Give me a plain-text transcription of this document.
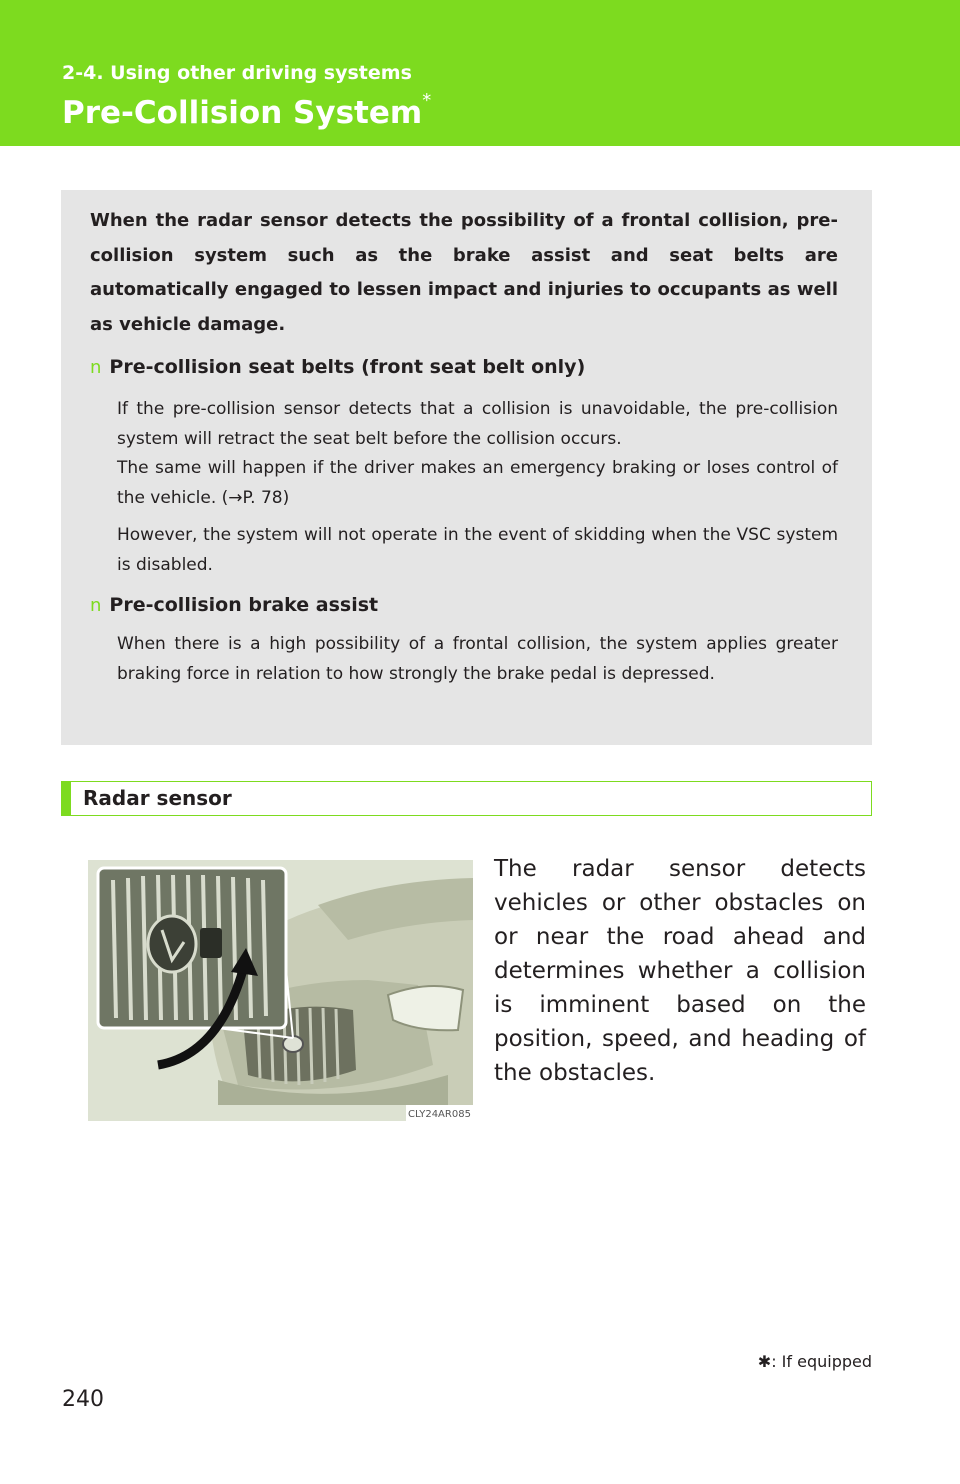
2-4. Using other driving systems
Pre-Collision System*
When the radar sensor detects the possibility of a frontal collision, pre-collision system such as the brake assist and seat belts are automatically engaged to lessen impact and injuries to occupants as well as vehicle damage.
n Pre-collision seat belts (front seat belt only)
If the pre-collision sensor detects that a collision is unavoidable, the pre-collision system will retract the seat belt before the collision occurs.
The same will happen if the driver makes an emergency braking or loses control of the vehicle. (→P. 78)
However, the system will not operate in the event of skidding when the VSC system is disabled.
n Pre-collision brake assist
When there is a high possibility of a frontal collision, the system applies greater braking force in relation to how strongly the brake pedal is depressed.
Radar sensor
CLY24AR085
The radar sensor detects vehicles or other obstacles on or near the road ahead and determines whether a collision is imminent based on the position, speed, and heading of the obstacles.
✱: If equipped
240
